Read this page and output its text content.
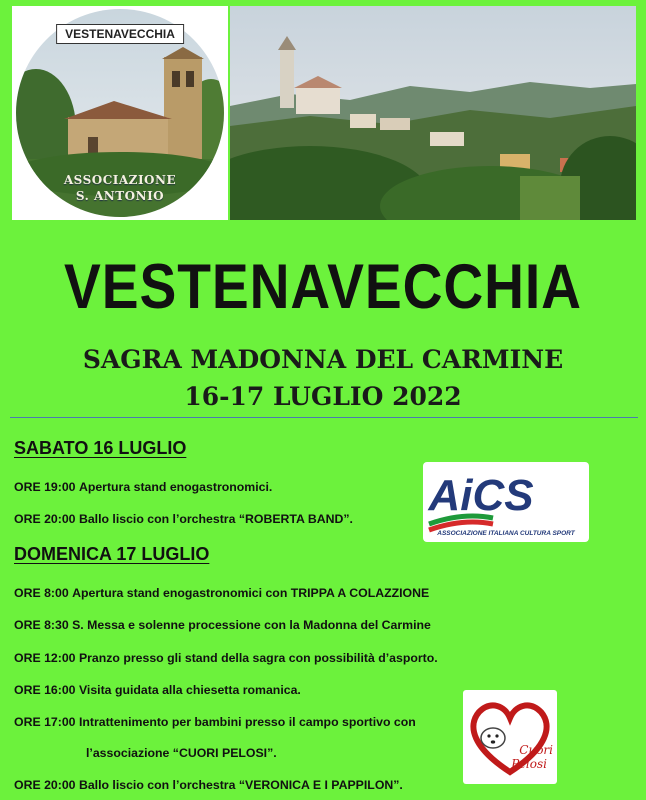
ASSOCIAZIONE
S. ANTONIO
VESTENAVECCHIA
VESTENAVECCHIA
SAGRA MADONNA DEL CARMINE
16-17 LUGLIO 2022
SABATO 16 LUGLIO
ORE 19:00 Apertura stand enogastronomici.
ORE 20:00 Ballo liscio con l’orchestra “ROBERTA BAND”.
DOMENICA 17 LUGLIO
ORE 8:00 Apertura stand enogastronomici con TRIPPA A COLAZZIONE
ORE 8:30 S. Messa e solenne processione con la Madonna del Carmine
ORE 12:00 Pranzo presso gli stand della sagra con possibilità d’asporto.
ORE 16:00 Visita guidata alla chiesetta romanica.
ORE 17:00 Intrattenimento per bambini presso il campo sportivo con
l’associazione “CUORI PELOSI”.
ORE 20:00 Ballo liscio con l’orchestra “VERONICA E I PAPPILON”.
AiCS
ASSOCIAZIONE ITALIANA CULTURA SPORT
Cuori
Pelosi
